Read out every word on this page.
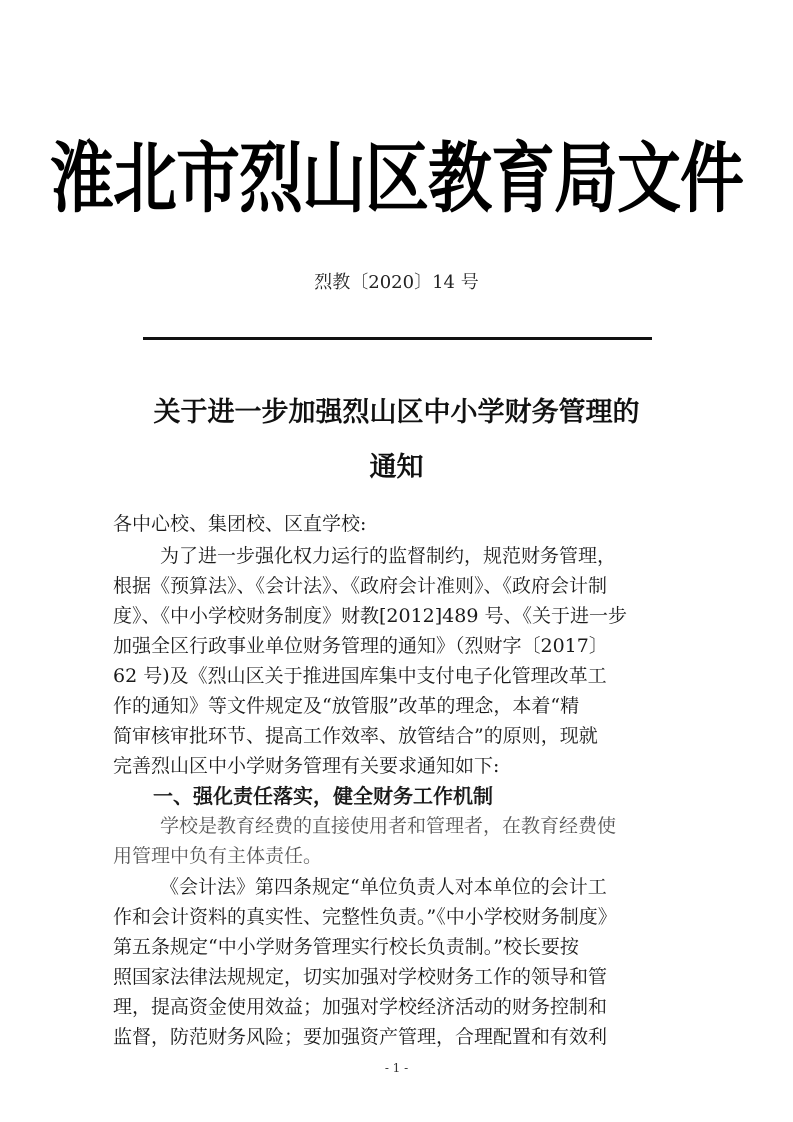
淮北市烈山区教育局文件
烈教〔2020〕14 号
关于进一步加强烈山区中小学财务管理的
通知
各中心校、集团校、区直学校:
为了进一步强化权力运行的监督制约，规范财务管理，
根据《预算法》、《会计法》、《政府会计准则》、《政府会计制
度》、《中小学校财务制度》财教[2012]489 号、《关于进一步
加强全区行政事业单位财务管理的通知》（烈财字〔2017〕
62 号)及《烈山区关于推进国库集中支付电子化管理改革工
作的通知》等文件规定及“放管服”改革的理念，本着“精
简审核审批环节、提高工作效率、放管结合”的原则，现就
完善烈山区中小学财务管理有关要求通知如下:
一、强化责任落实，健全财务工作机制
学校是教育经费的直接使用者和管理者，在教育经费使
用管理中负有主体责任。
《会计法》第四条规定“单位负责人对本单位的会计工
作和会计资料的真实性、完整性负责。”《中小学校财务制度》
第五条规定“中小学财务管理实行校长负责制。”校长要按
照国家法律法规规定，切实加强对学校财务工作的领导和管
理，提高资金使用效益；加强对学校经济活动的财务控制和
监督，防范财务风险；要加强资产管理，合理配置和有效利
- 1 -
